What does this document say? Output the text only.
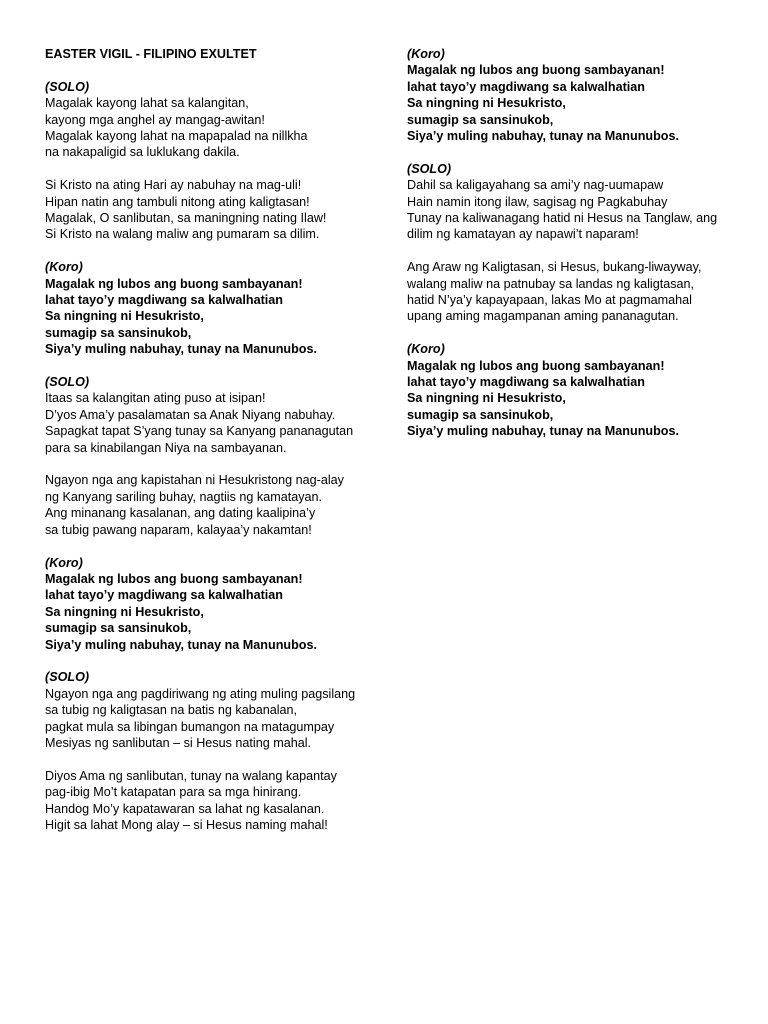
EASTER VIGIL - FILIPINO EXULTET
(SOLO)
Magalak kayong lahat sa kalangitan,
kayong mga anghel ay mangag-awitan!
Magalak kayong lahat na mapapalad na nillkha
na nakapaligid sa luklukang dakila.
Si Kristo na ating Hari ay nabuhay na mag-uli!
Hipan natin ang tambuli nitong ating kaligtasan!
Magalak, O sanlibutan, sa maningning nating Ilaw!
Si Kristo na walang maliw ang pumaram sa dilim.
(Koro)
Magalak ng lubos ang buong sambayanan!
lahat tayo’y magdiwang sa kalwalhatian
Sa ningning ni Hesukristo,
sumagip sa sansinukob,
Siya’y muling nabuhay, tunay na Manunubos.
(SOLO)
Itaas sa kalangitan ating puso at isipan!
D’yos Ama’y pasalamatan sa Anak Niyang nabuhay.
Sapagkat tapat S’yang tunay sa Kanyang pananagutan
para sa kinabilangan Niya na sambayanan.
Ngayon nga ang kapistahan ni Hesukristong nag-alay
ng Kanyang sariling buhay, nagtiis ng kamatayan.
Ang minanang kasalanan, ang dating kaalipina’y
sa tubig pawang naparam, kalayaa’y nakamtan!
(Koro)
Magalak ng lubos ang buong sambayanan!
lahat tayo’y magdiwang sa kalwalhatian
Sa ningning ni Hesukristo,
sumagip sa sansinukob,
Siya’y muling nabuhay, tunay na Manunubos.
(SOLO)
Ngayon nga ang pagdiriwang ng ating muling pagsilang
sa tubig ng kaligtasan na batis ng kabanalan,
pagkat mula sa libingan bumangon na matagumpay
Mesiyas ng sanlibutan – si Hesus nating mahal.
Diyos Ama ng sanlibutan, tunay na walang kapantay
pag-ibig Mo’t katapatan para sa mga hinirang.
Handog Mo’y kapatawaran sa lahat ng kasalanan.
Higit sa lahat Mong alay – si Hesus naming mahal!
(Koro)
Magalak ng lubos ang buong sambayanan!
lahat tayo’y magdiwang sa kalwalhatian
Sa ningning ni Hesukristo,
sumagip sa sansinukob,
Siya’y muling nabuhay, tunay na Manunubos.
(SOLO)
Dahil sa kaligayahang sa ami’y nag-uumapaw
Hain namin itong ilaw, sagisag ng Pagkabuhay
Tunay na kaliwanagang hatid ni Hesus na Tanglaw, ang dilim ng kamatayan ay napawi’t naparam!
Ang Araw ng Kaligtasan, si Hesus, bukang-liwayway,
walang maliw na patnubay sa landas ng kaligtasan,
hatid N’ya’y kapayapaan, lakas Mo at pagmamahal
upang aming magampanan aming pananagutan.
(Koro)
Magalak ng lubos ang buong sambayanan!
lahat tayo’y magdiwang sa kalwalhatian
Sa ningning ni Hesukristo,
sumagip sa sansinukob,
Siya’y muling nabuhay, tunay na Manunubos.
